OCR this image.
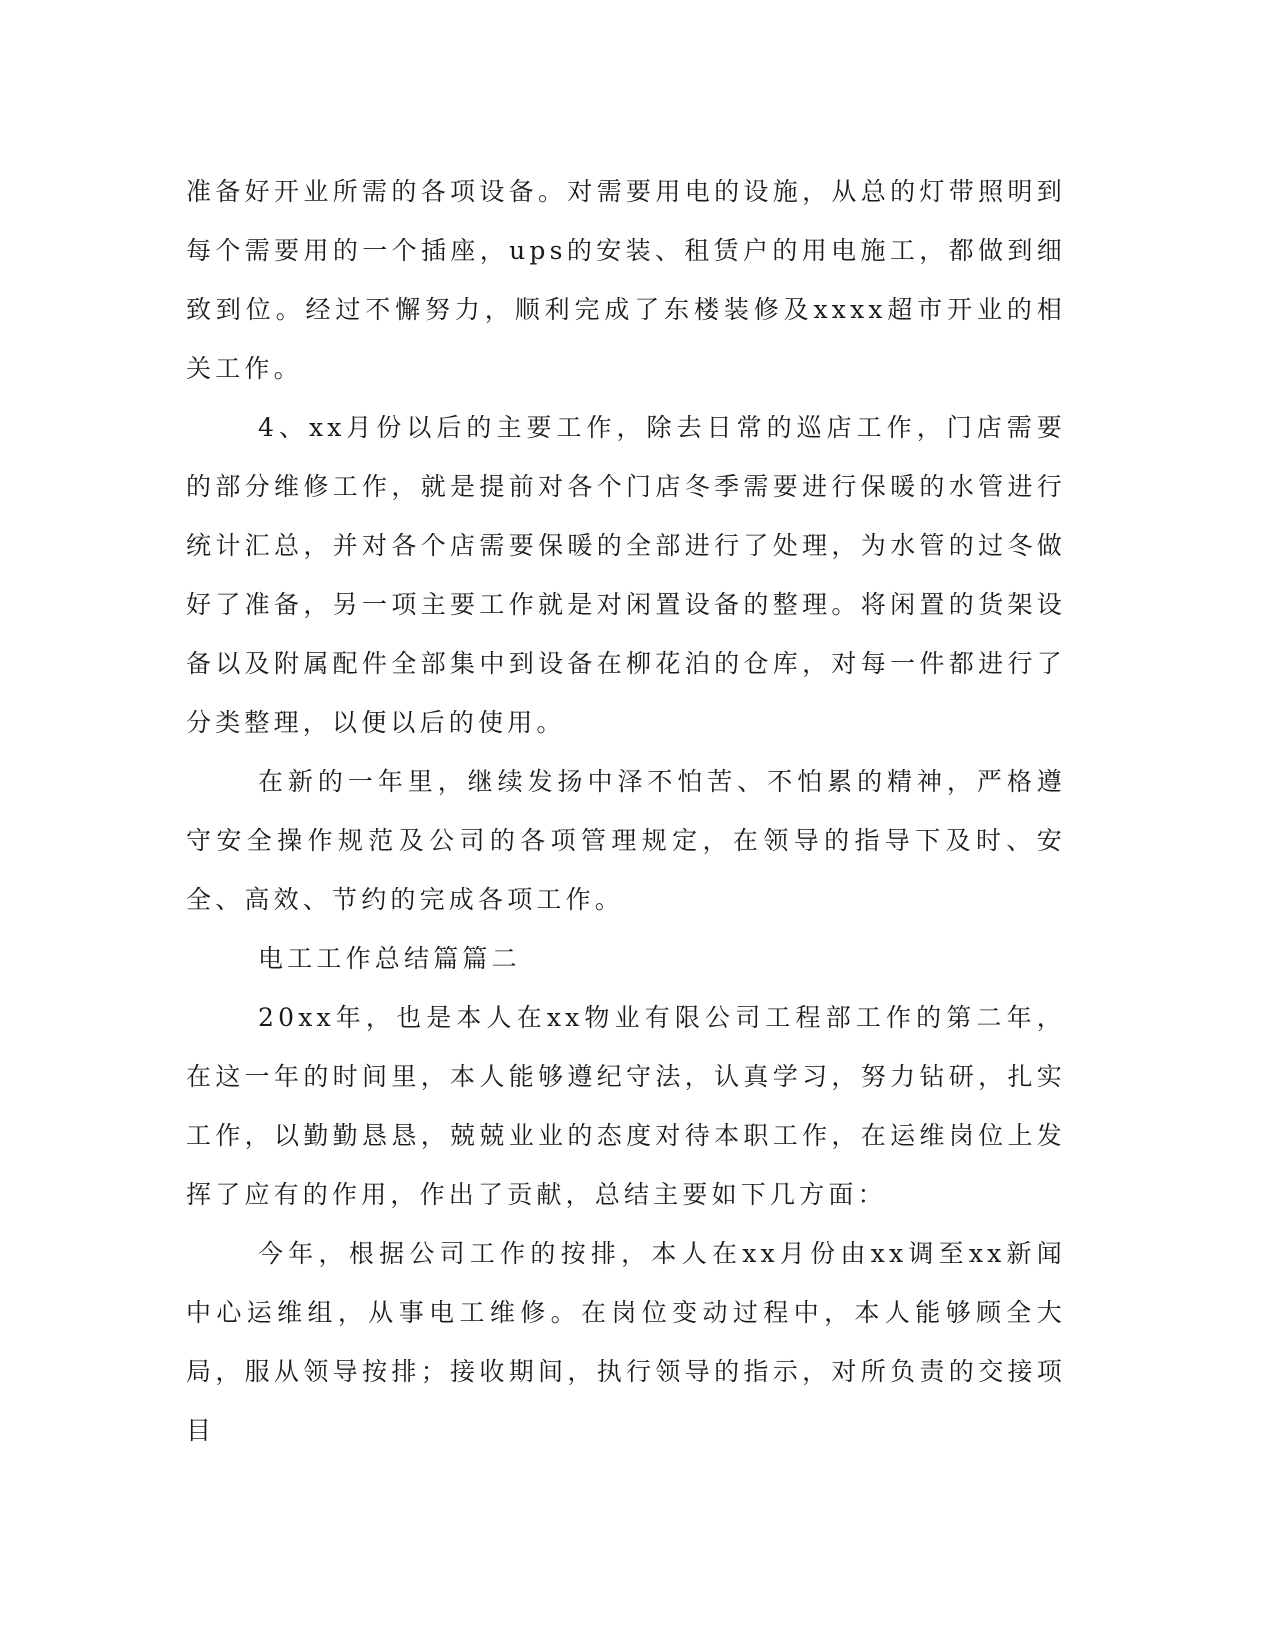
准备好开业所需的各项设备。对需要用电的设施，从总的灯带照明到每个需要用的一个插座，ups的安装、租赁户的用电施工，都做到细致到位。经过不懈努力，顺利完成了东楼装修及xxxx超市开业的相关工作。

4、xx月份以后的主要工作，除去日常的巡店工作，门店需要的部分维修工作，就是提前对各个门店冬季需要进行保暖的水管进行统计汇总，并对各个店需要保暖的全部进行了处理，为水管的过冬做好了准备，另一项主要工作就是对闲置设备的整理。将闲置的货架设备以及附属配件全部集中到设备在柳花泊的仓库，对每一件都进行了分类整理，以便以后的使用。

在新的一年里，继续发扬中泽不怕苦、不怕累的精神，严格遵守安全操作规范及公司的各项管理规定，在领导的指导下及时、安全、高效、节约的完成各项工作。

电工工作总结篇篇二

20xx年，也是本人在xx物业有限公司工程部工作的第二年，在这一年的时间里，本人能够遵纪守法，认真学习，努力钻研，扎实工作，以勤勤恳恳，兢兢业业的态度对待本职工作，在运维岗位上发挥了应有的作用，作出了贡献，总结主要如下几方面：

今年，根据公司工作的按排，本人在xx月份由xx调至xx新闻中心运维组，从事电工维修。在岗位变动过程中，本人能够顾全大局，服从领导按排；接收期间，执行领导的指示，对所负责的交接项目
